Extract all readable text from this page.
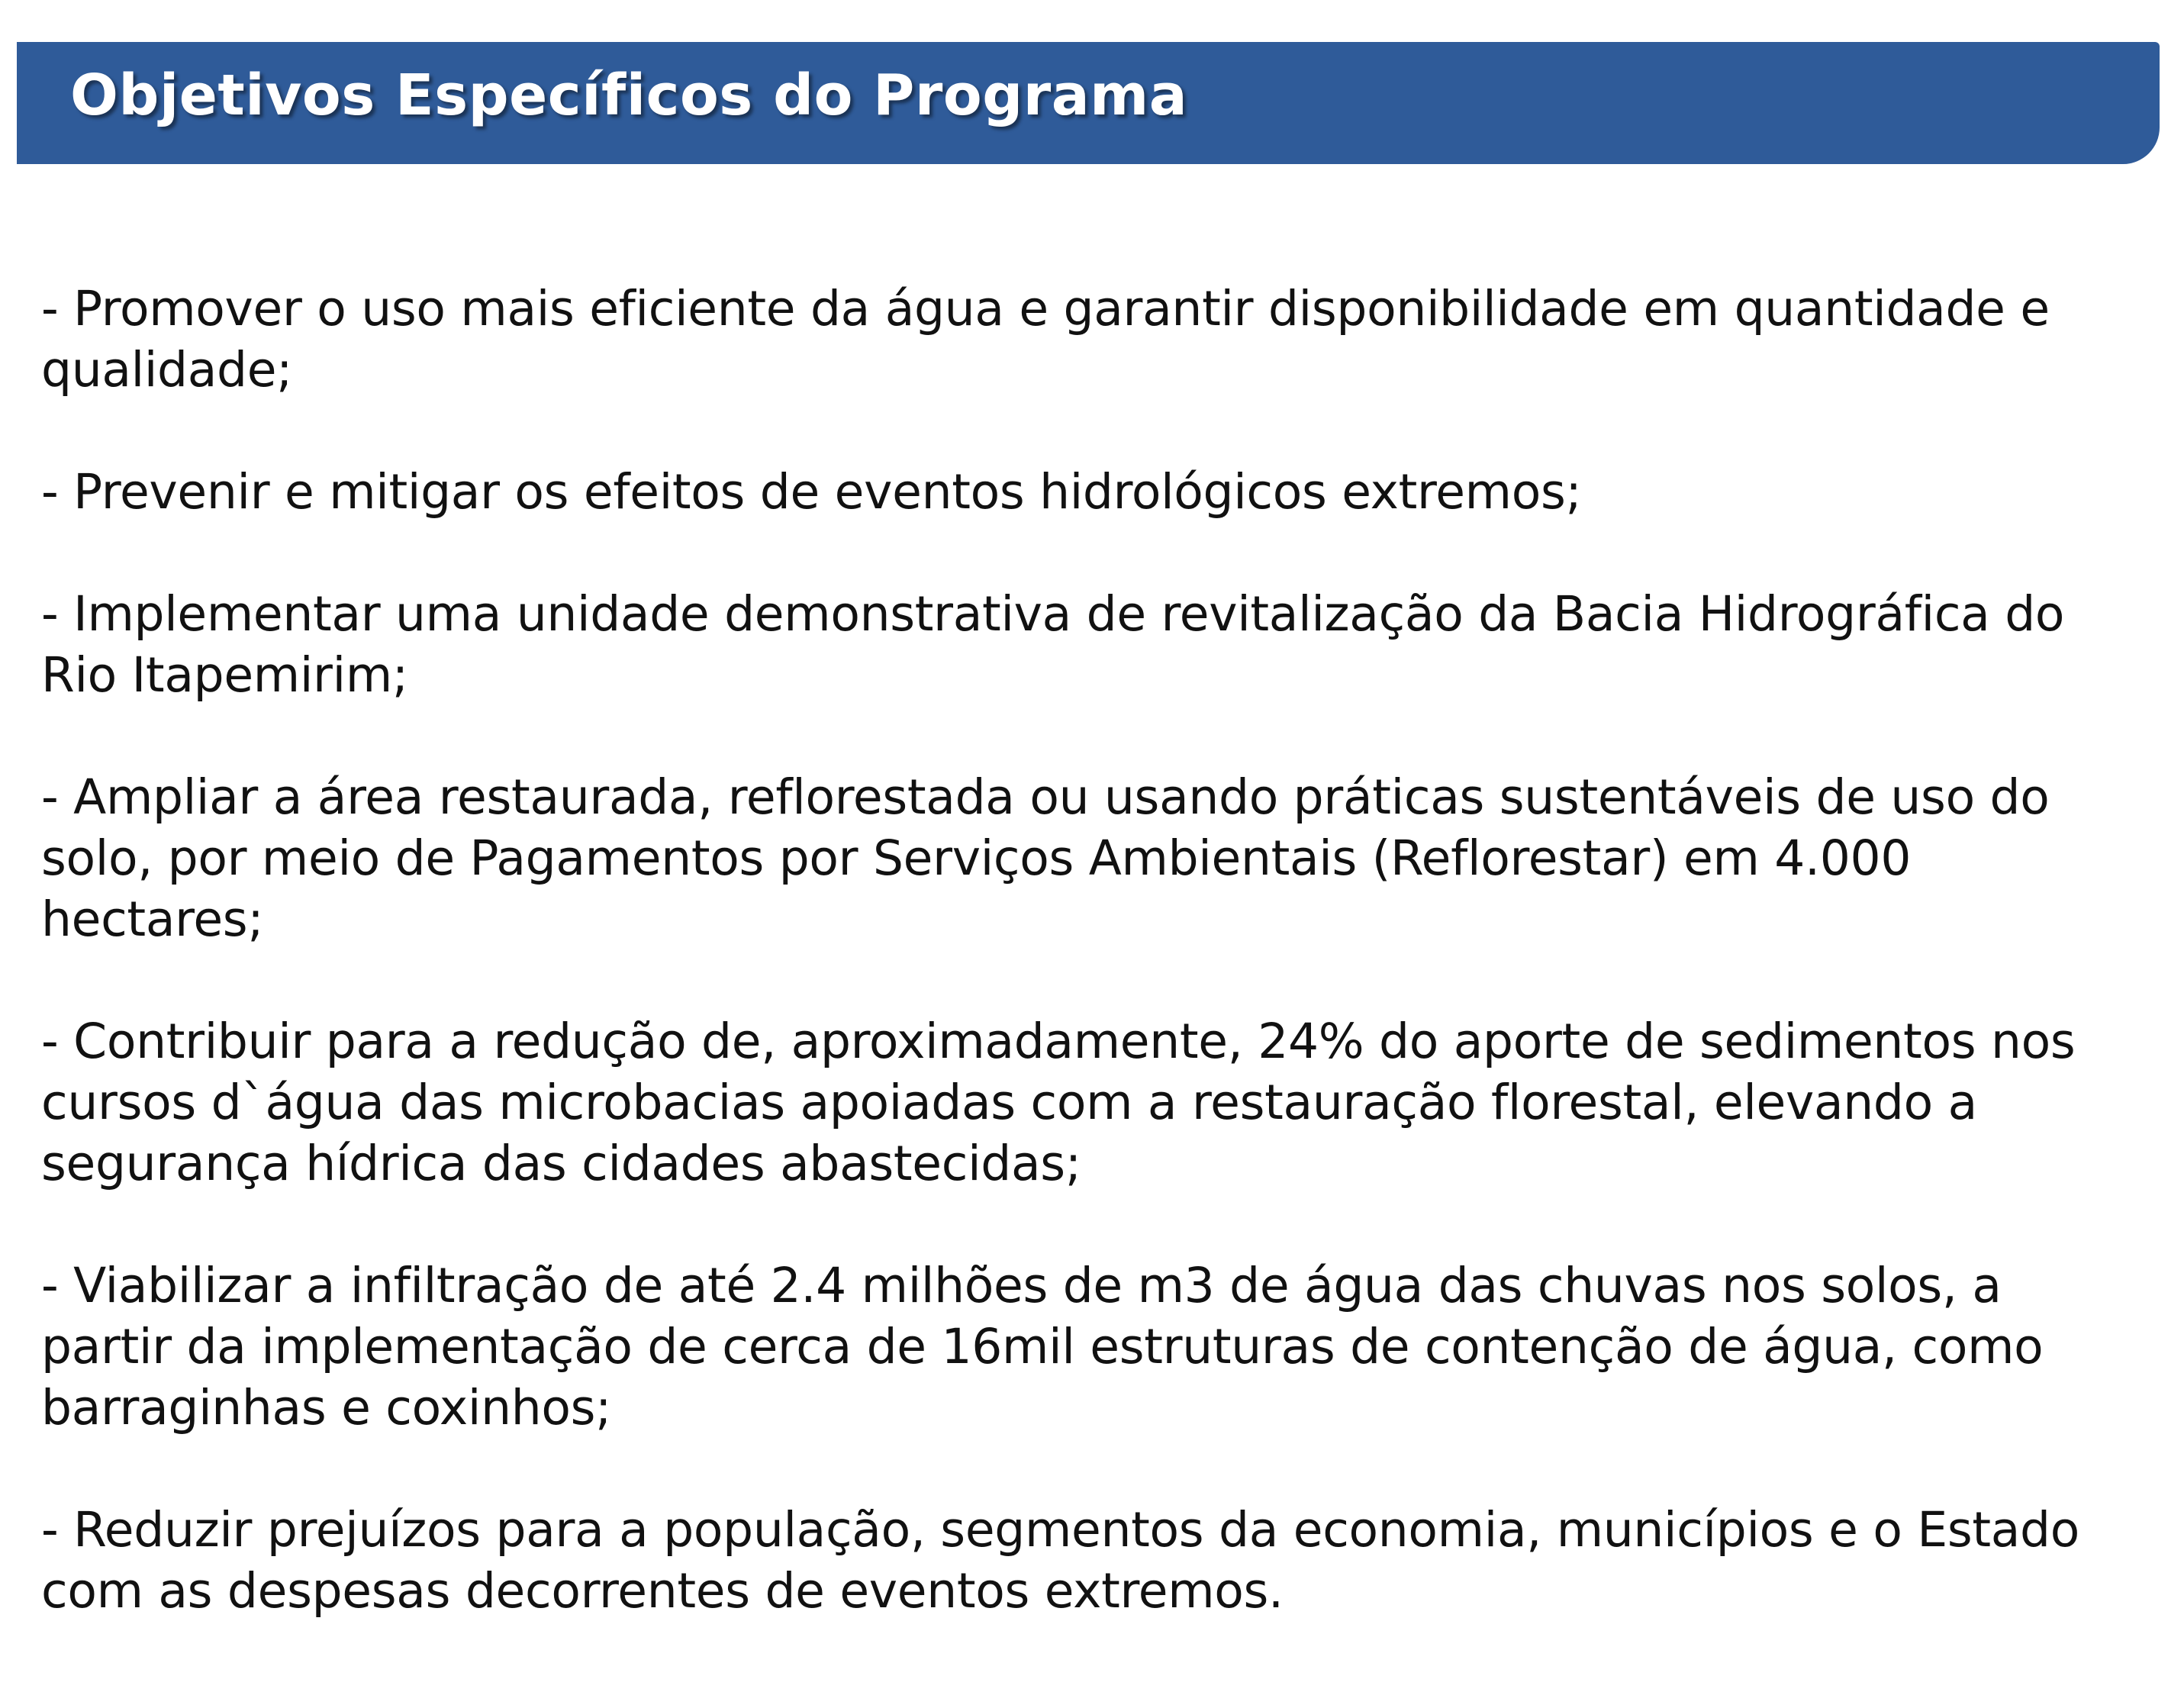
Objetivos Específicos do Programa
- Promover o uso mais eficiente da água e garantir disponibilidade em quantidade e
qualidade;
- Prevenir e mitigar os efeitos de eventos hidrológicos extremos;
- Implementar uma unidade demonstrativa de revitalização da Bacia Hidrográfica do
Rio Itapemirim;
- Ampliar a área restaurada, reflorestada ou usando práticas sustentáveis de uso do
solo, por meio de Pagamentos por Serviços Ambientais (Reflorestar) em 4.000
hectares;
- Contribuir para a redução de, aproximadamente, 24% do aporte de sedimentos nos
cursos d`água das microbacias apoiadas com a restauração florestal, elevando a
segurança hídrica das cidades abastecidas;
- Viabilizar a infiltração de até 2.4 milhões de m3 de água das chuvas nos solos, a
partir da implementação de cerca de 16mil estruturas de contenção de água, como
barraginhas e coxinhos;
- Reduzir prejuízos para a população, segmentos da economia, municípios e o Estado
com as despesas decorrentes de eventos extremos.
